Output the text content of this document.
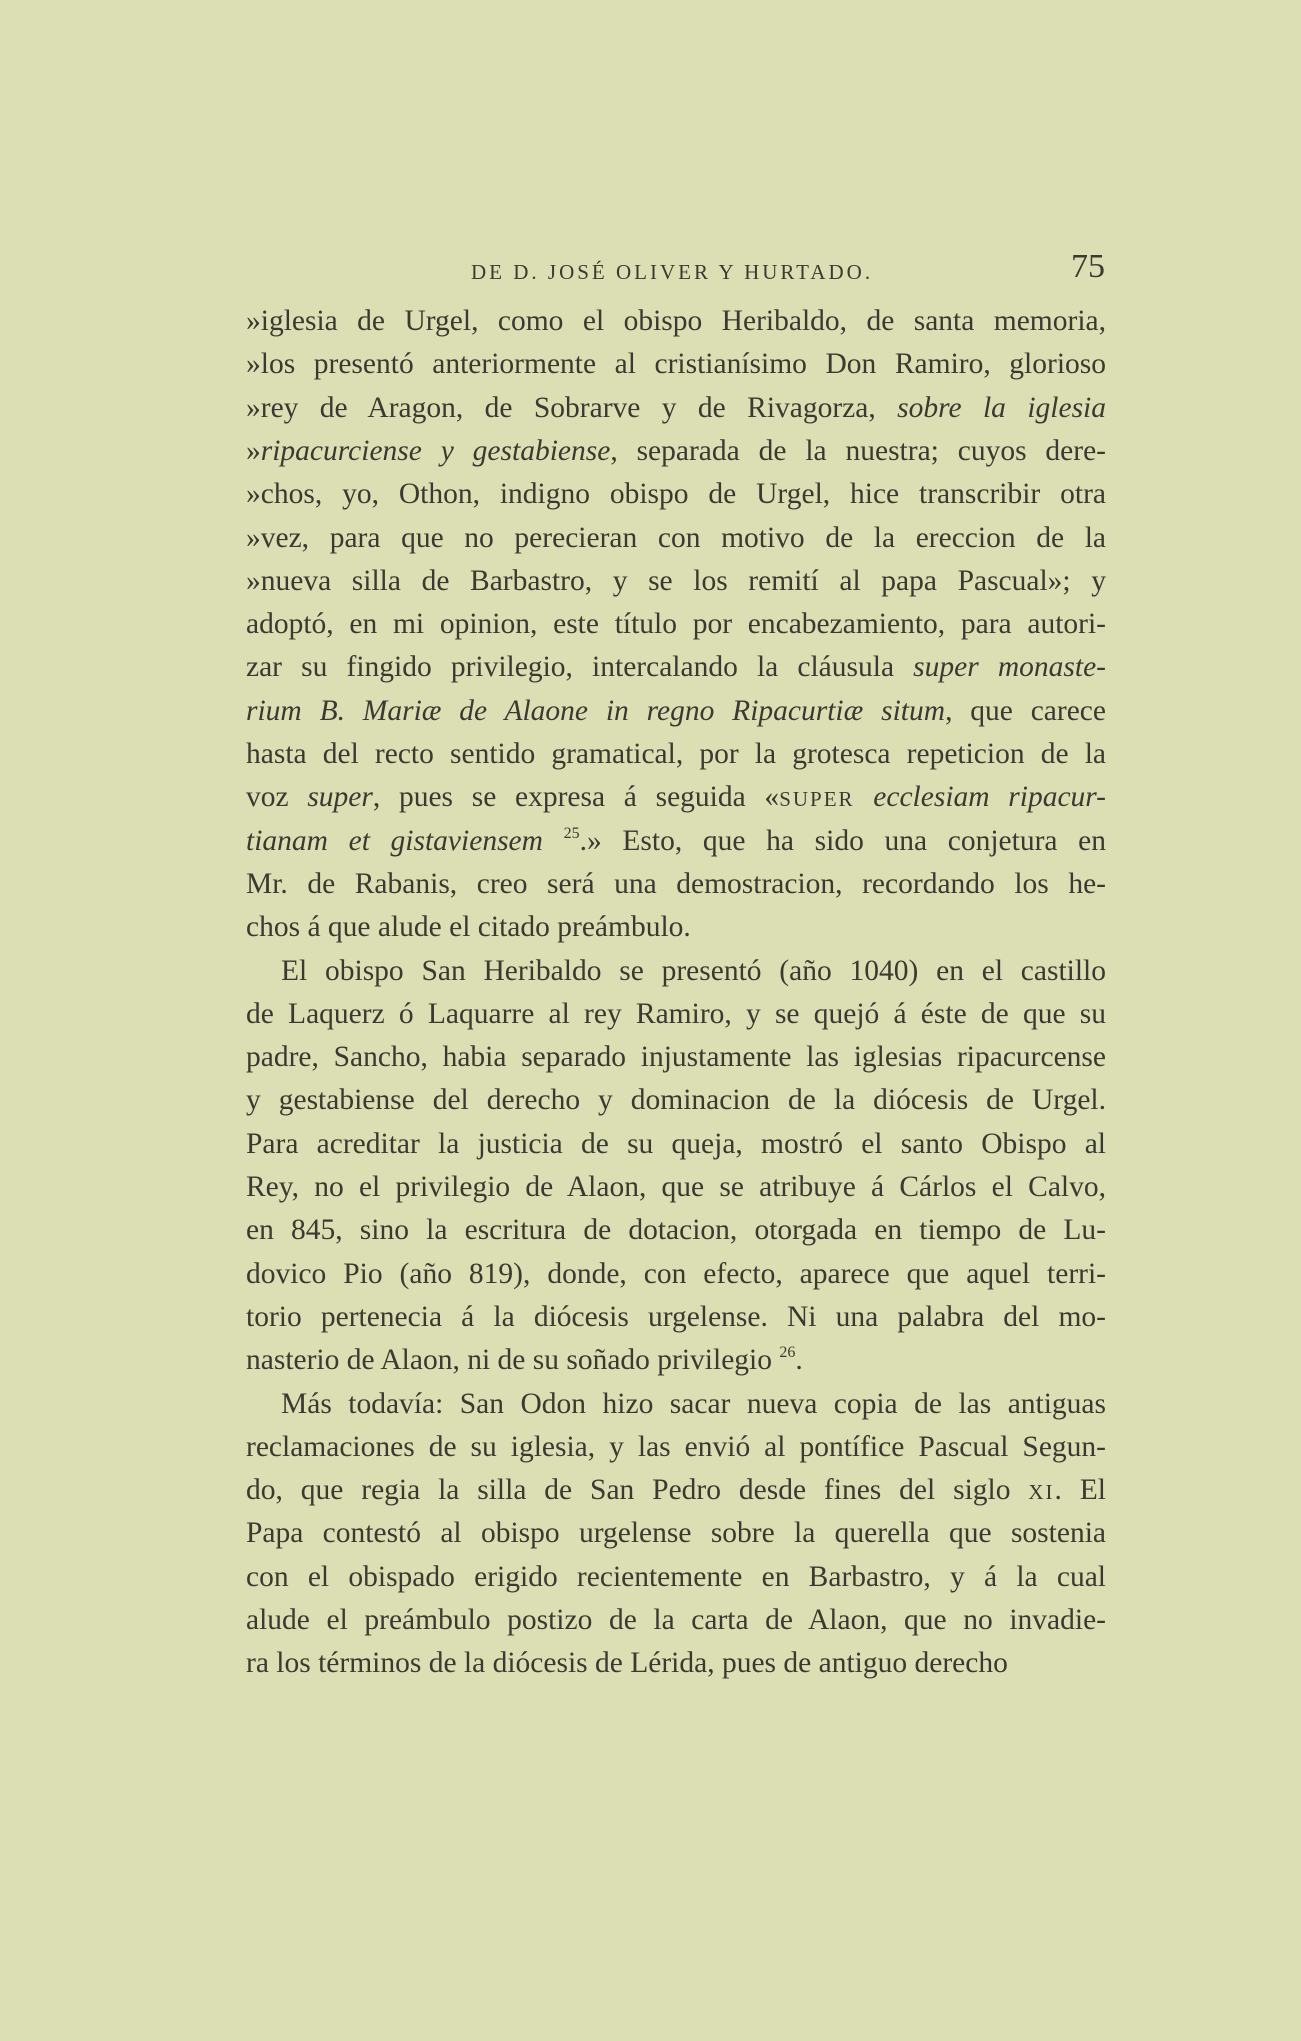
DE D. JOSÉ OLIVER Y HURTADO.	75
»iglesia de Urgel, como el obispo Heribaldo, de santa memoria,
»los presentó anteriormente al cristianísimo Don Ramiro, glorioso
»rey de Aragon, de Sobrarve y de Rivagorza, sobre la iglesia
»ripacurciense y gestabiense, separada de la nuestra; cuyos dere-
»chos, yo, Othon, indigno obispo de Urgel, hice transcribir otra
»vez, para que no perecieran con motivo de la ereccion de la
»nueva silla de Barbastro, y se los remití al papa Pascual»; y
adoptó, en mi opinion, este título por encabezamiento, para autori-
zar su fingido privilegio, intercalando la cláusula super monaste-
rium B. Mariæ de Alaone in regno Ripacurtiæ situm, que carece
hasta del recto sentido gramatical, por la grotesca repeticion de la
voz super, pues se expresa á seguida «SUPER ecclesiam ripacur-
tianam et gistaviensem $^{25}$.» Esto, que ha sido una conjetura en
Mr. de Rabanis, creo será una demostracion, recordando los he-
chos á que alude el citado preámbulo.
El obispo San Heribaldo se presentó (año 1040) en el castillo
de Laquerz ó Laquarre al rey Ramiro, y se quejó á éste de que su
padre, Sancho, habia separado injustamente las iglesias ripacurcense
y gestabiense del derecho y dominacion de la diócesis de Urgel.
Para acreditar la justicia de su queja, mostró el santo Obispo al
Rey, no el privilegio de Alaon, que se atribuye á Cárlos el Calvo,
en 845, sino la escritura de dotacion, otorgada en tiempo de Lu-
dovico Pio (año 819), donde, con efecto, aparece que aquel terri-
torio pertenecia á la diócesis urgelense. Ni una palabra del mo-
nasterio de Alaon, ni de su soñado privilegio $^{26}$.
Más todavía: San Odon hizo sacar nueva copia de las antiguas
reclamaciones de su iglesia, y las envió al pontífice Pascual Segun-
do, que regia la silla de San Pedro desde fines del siglo XI. El
Papa contestó al obispo urgelense sobre la querella que sostenia
con el obispado erigido recientemente en Barbastro, y á la cual
alude el preámbulo postizo de la carta de Alaon, que no invadie-
ra los términos de la diócesis de Lérida, pues de antiguo derecho
